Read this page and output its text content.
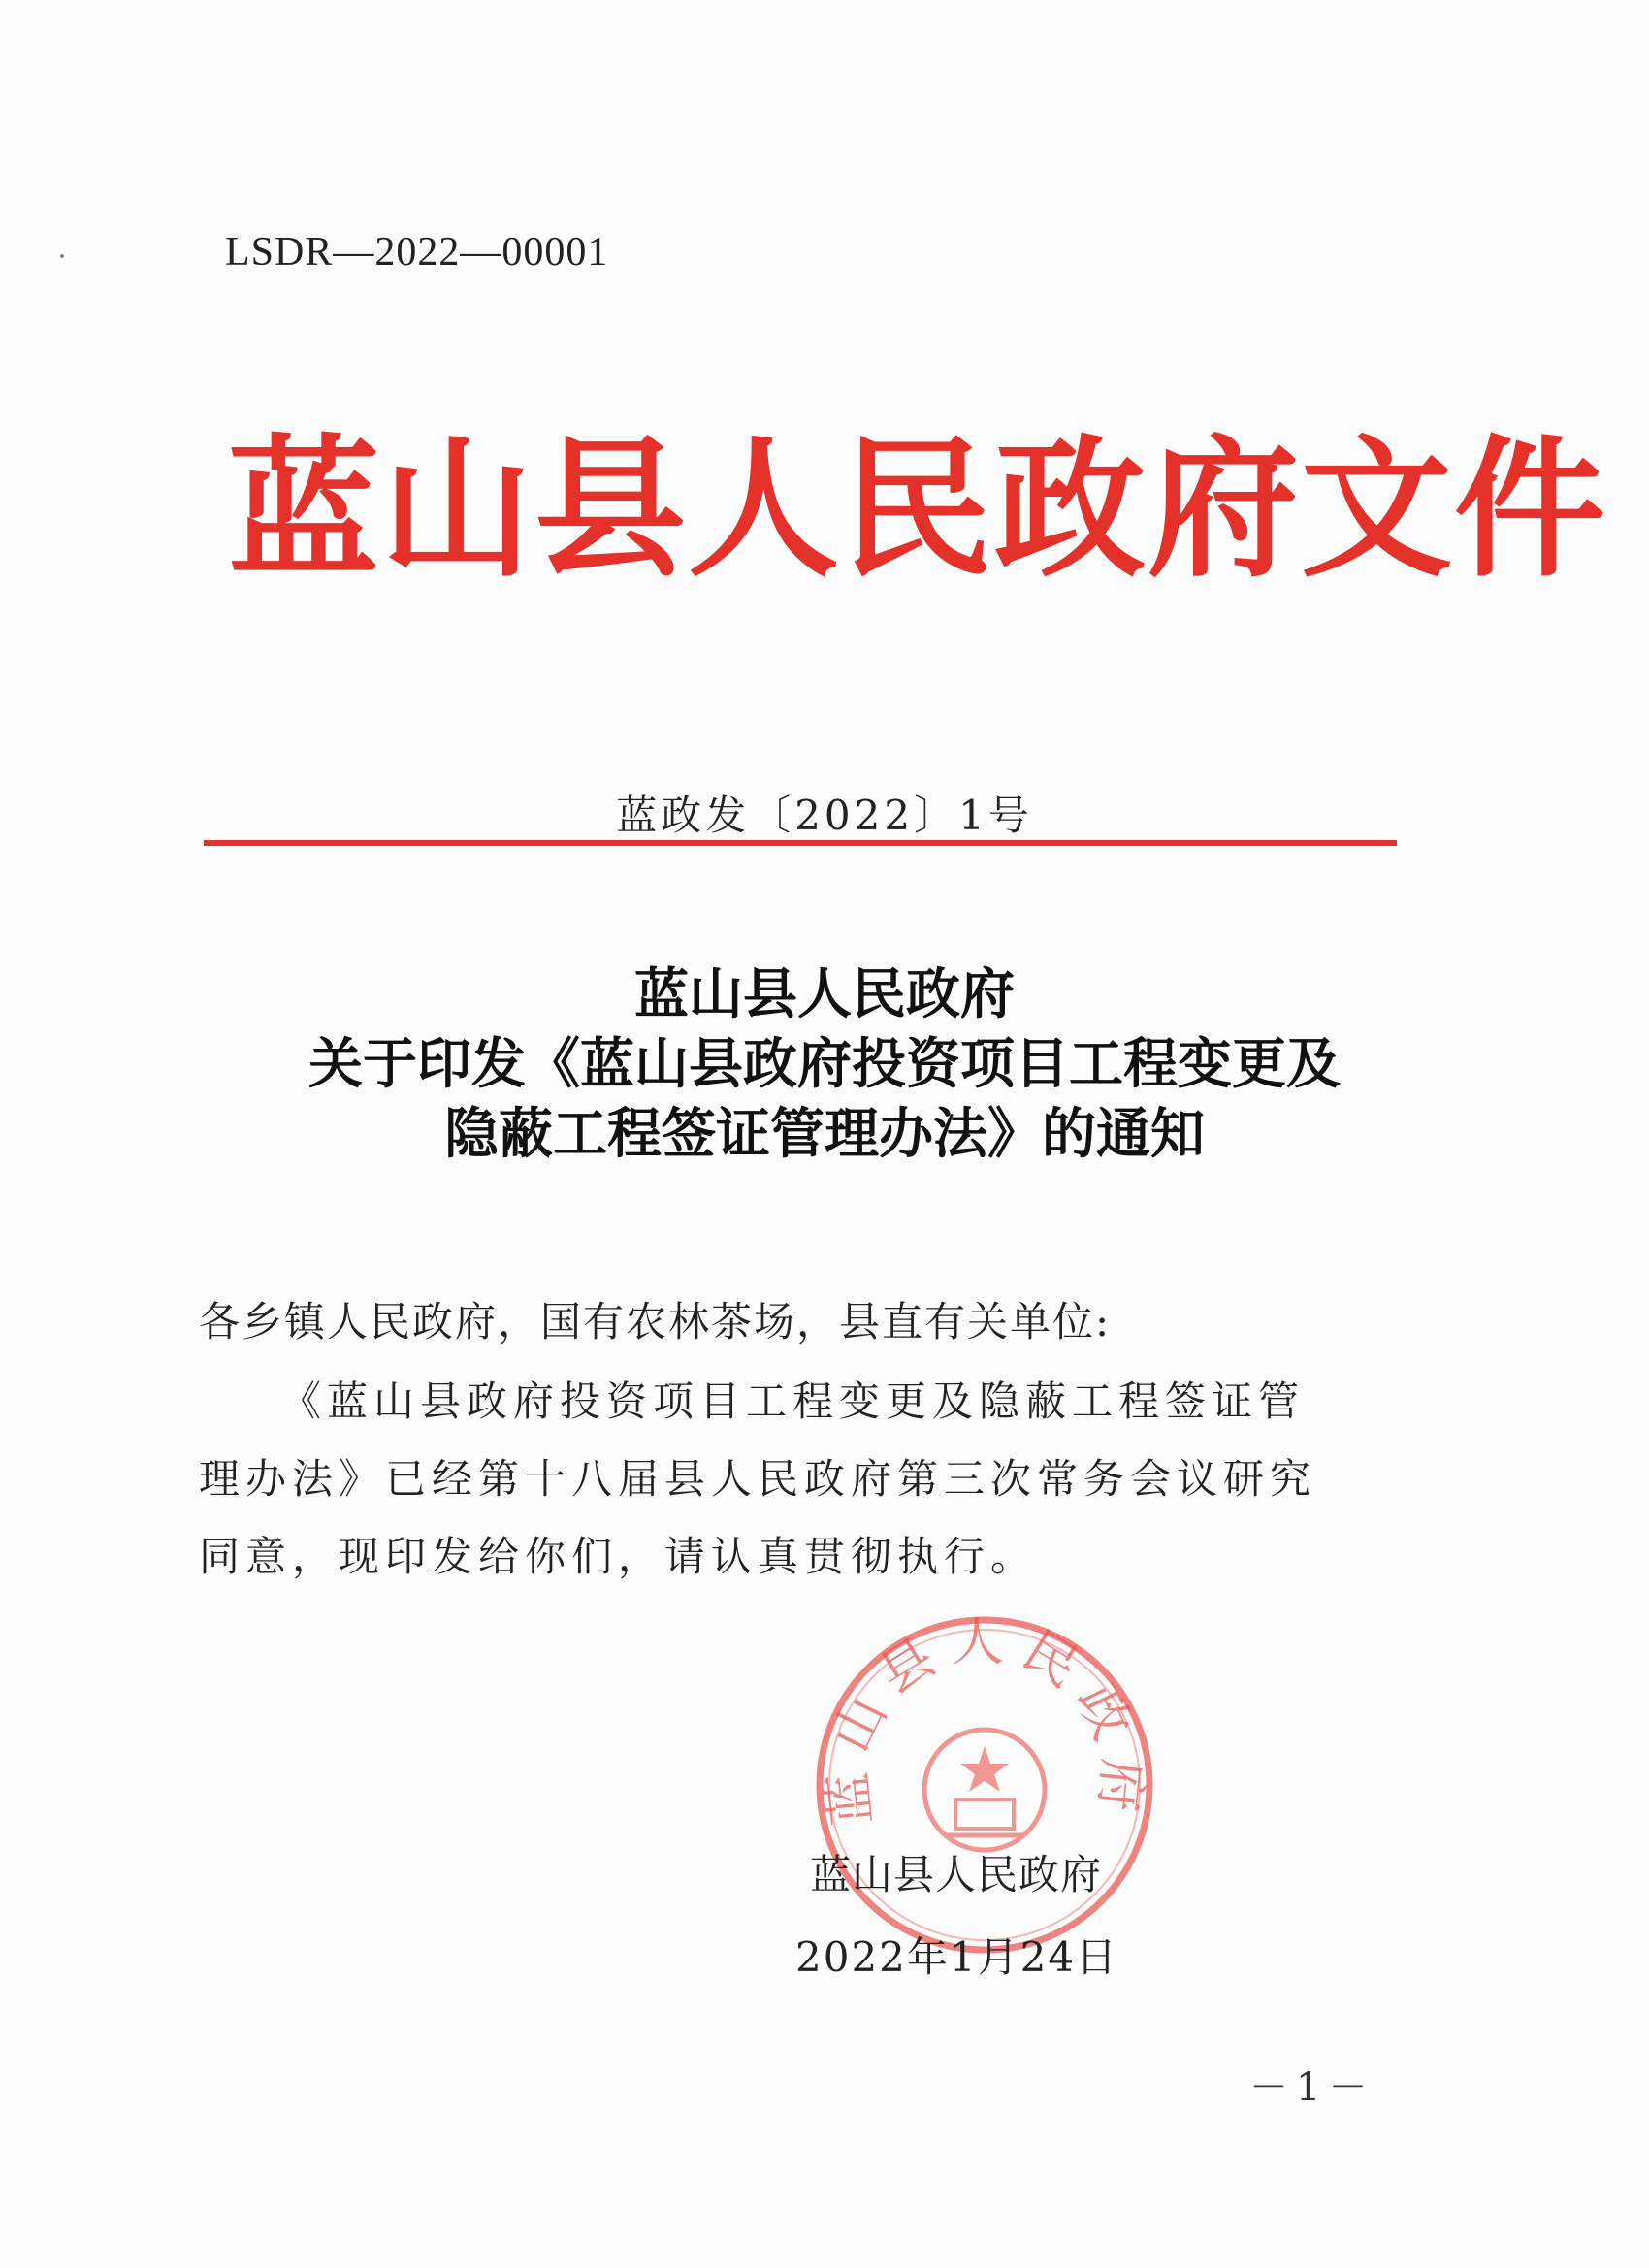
LSDR—2022—00001
蓝山县人民政府文件
蓝政发〔2022〕1号
蓝山县人民政府
关于印发《蓝山县政府投资项目工程变更及
隐蔽工程签证管理办法》的通知
各乡镇人民政府，国有农林茶场，县直有关单位:
《蓝山县政府投资项目工程变更及隐蔽工程签证管理办法》已经第十八届县人民政府第三次常务会议研究同意，现印发给你们，请认真贯彻执行。
蓝山县人民政府
蓝山县人民政府
2022年1月24日
－1－
